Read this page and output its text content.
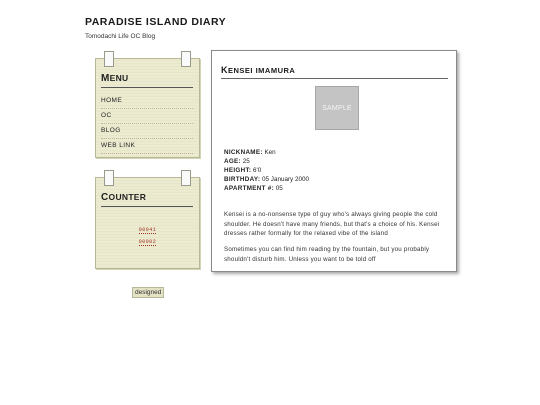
PARADISE ISLAND DIARY
Tomodachi Life OC Blog
MENU
HOME
OC
BLOG
WEB LINK
COUNTER
00041
00002
designed
KENSEI IMAMURA
SAMPLE
NICKNAME: Ken
AGE: 25
HEIGHT: 6'0
BIRTHDAY: 05 January 2000
APARTMENT #: 05

Kensei is a no-nonsense type of guy who's always giving people the cold shoulder. He doesn't have many friends, but that's a choice of his. Kensei dresses rather formally for the relaxed vibe of the island

Sometimes you can find him reading by the fountain, but you probably shouldn't disturb him. Unless you want to be told off
